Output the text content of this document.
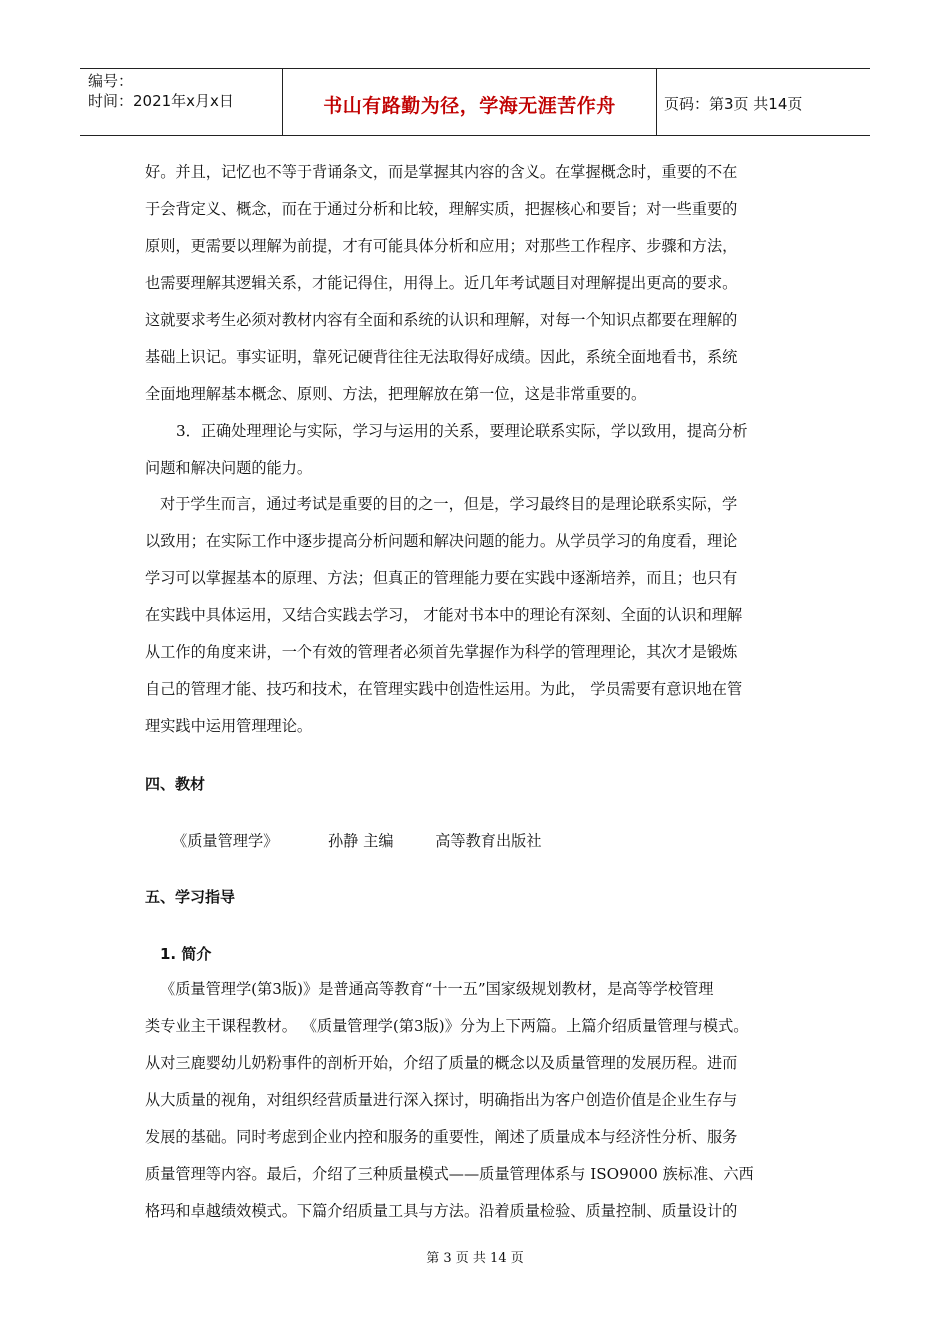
编号：
时间：2021年x月x日	书山有路勤为径，学海无涯苦作舟	页码：第3页 共14页
好。并且，记忆也不等于背诵条文，而是掌握其内容的含义。在掌握概念时，重要的不在
于会背定义、概念，而在于通过分析和比较，理解实质，把握核心和要旨；对一些重要的
原则，更需要以理解为前提，才有可能具体分析和应用；对那些工作程序、步骤和方法，
也需要理解其逻辑关系，才能记得住，用得上。近几年考试题目对理解提出更高的要求。
这就要求考生必须对教材内容有全面和系统的认识和理解，对每一个知识点都要在理解的
基础上识记。事实证明，靠死记硬背往往无法取得好成绩。因此，系统全面地看书，系统
全面地理解基本概念、原则、方法，把理解放在第一位，这是非常重要的。
3．正确处理理论与实际，学习与运用的关系，要理论联系实际，学以致用，提高分析
问题和解决问题的能力。
对于学生而言，通过考试是重要的目的之一，但是，学习最终目的是理论联系实际，学
以致用；在实际工作中逐步提高分析问题和解决问题的能力。从学员学习的角度看，理论
学习可以掌握基本的原理、方法；但真正的管理能力要在实践中逐渐培养，而且；也只有
在实践中具体运用，又结合实践去学习， 才能对书本中的理论有深刻、全面的认识和理解
从工作的角度来讲，一个有效的管理者必须首先掌握作为科学的管理理论，其次才是锻炼
自己的管理才能、技巧和技术，在管理实践中创造性运用。为此， 学员需要有意识地在管
理实践中运用管理理论。
四、教材
《质量管理学》	孙静 主编	高等教育出版社
五、学习指导
1. 简介
《质量管理学(第3版)》是普通高等教育“十一五”国家级规划教材，是高等学校管理
类专业主干课程教材。 《质量管理学(第3版)》分为上下两篇。上篇介绍质量管理与模式。
从对三鹿婴幼儿奶粉事件的剖析开始，介绍了质量的概念以及质量管理的发展历程。进而
从大质量的视角，对组织经营质量进行深入探讨，明确指出为客户创造价值是企业生存与
发展的基础。同时考虑到企业内控和服务的重要性，阐述了质量成本与经济性分析、服务
质量管理等内容。最后，介绍了三种质量模式——质量管理体系与 ISO9000 族标准、六西
格玛和卓越绩效模式。下篇介绍质量工具与方法。沿着质量检验、质量控制、质量设计的
第 3 页 共 14 页
